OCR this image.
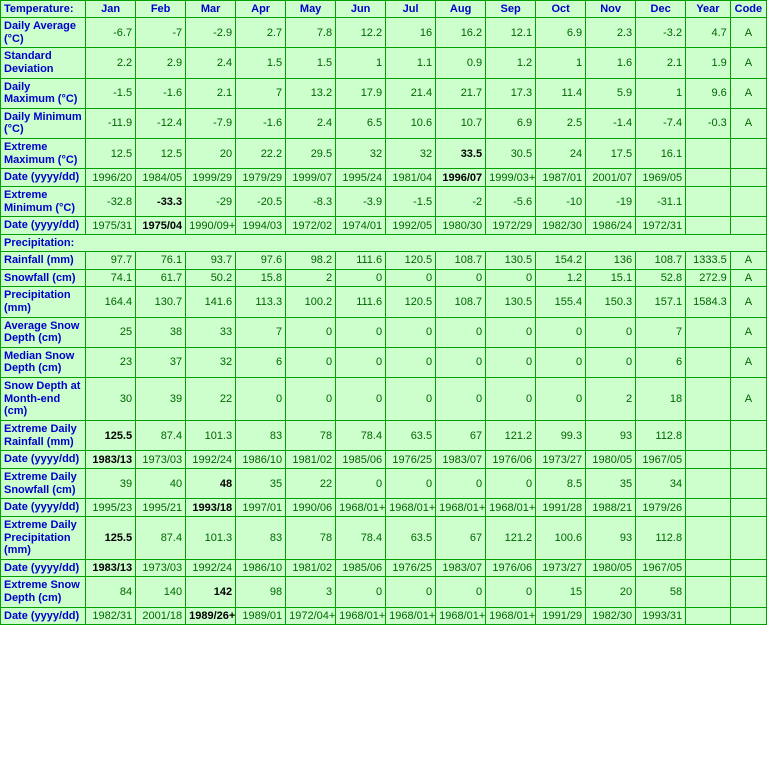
Temperature:	Jan	Feb	Mar	Apr	May	Jun	Jul	Aug	Sep	Oct	Nov	Dec	Year	Code
Daily Average (°C)	-6.7	-7	-2.9	2.7	7.8	12.2	16	16.2	12.1	6.9	2.3	-3.2	4.7	A
Standard Deviation	2.2	2.9	2.4	1.5	1.5	1	1.1	0.9	1.2	1	1.6	2.1	1.9	A
Daily Maximum (°C)	-1.5	-1.6	2.1	7	13.2	17.9	21.4	21.7	17.3	11.4	5.9	1	9.6	A
Daily Minimum (°C)	-11.9	-12.4	-7.9	-1.6	2.4	6.5	10.6	10.7	6.9	2.5	-1.4	-7.4	-0.3	A
Extreme Maximum (°C)	12.5	12.5	20	22.2	29.5	32	32	33.5	30.5	24	17.5	16.1		
Date (yyyy/dd)	1996/20	1984/05	1999/29	1979/29	1999/07	1995/24	1981/04	1996/07	1999/03+	1987/01	2001/07	1969/05		
Extreme Minimum (°C)	-32.8	-33.3	-29	-20.5	-8.3	-3.9	-1.5	-2	-5.6	-10	-19	-31.1		
Date (yyyy/dd)	1975/31	1975/04	1990/09+	1994/03	1972/02	1974/01	1992/05	1980/30	1972/29	1982/30	1986/24	1972/31		
Precipitation:														
Rainfall (mm)	97.7	76.1	93.7	97.6	98.2	111.6	120.5	108.7	130.5	154.2	136	108.7	1333.5	A
Snowfall (cm)	74.1	61.7	50.2	15.8	2	0	0	0	0	1.2	15.1	52.8	272.9	A
Precipitation (mm)	164.4	130.7	141.6	113.3	100.2	111.6	120.5	108.7	130.5	155.4	150.3	157.1	1584.3	A
Average Snow Depth (cm)	25	38	33	7	0	0	0	0	0	0	0	7		A
Median Snow Depth (cm)	23	37	32	6	0	0	0	0	0	0	0	6		A
Snow Depth at Month-end (cm)	30	39	22	0	0	0	0	0	0	0	2	18		A
Extreme Daily Rainfall (mm)	125.5	87.4	101.3	83	78	78.4	63.5	67	121.2	99.3	93	112.8		
Date (yyyy/dd)	1983/13	1973/03	1992/24	1986/10	1981/02	1985/06	1976/25	1983/07	1976/06	1973/27	1980/05	1967/05		
Extreme Daily Snowfall (cm)	39	40	48	35	22	0	0	0	0	8.5	35	34		
Date (yyyy/dd)	1995/23	1995/21	1993/18	1997/01	1990/06	1968/01+	1968/01+	1968/01+	1968/01+	1991/28	1988/21	1979/26		
Extreme Daily Precipitation (mm)	125.5	87.4	101.3	83	78	78.4	63.5	67	121.2	100.6	93	112.8		
Date (yyyy/dd)	1983/13	1973/03	1992/24	1986/10	1981/02	1985/06	1976/25	1983/07	1976/06	1973/27	1980/05	1967/05		
Extreme Snow Depth (cm)	84	140	142	98	3	0	0	0	0	15	20	58		
Date (yyyy/dd)	1982/31	2001/18	1989/26+	1989/01	1972/04+	1968/01+	1968/01+	1968/01+	1968/01+	1991/29	1982/30	1993/31		
